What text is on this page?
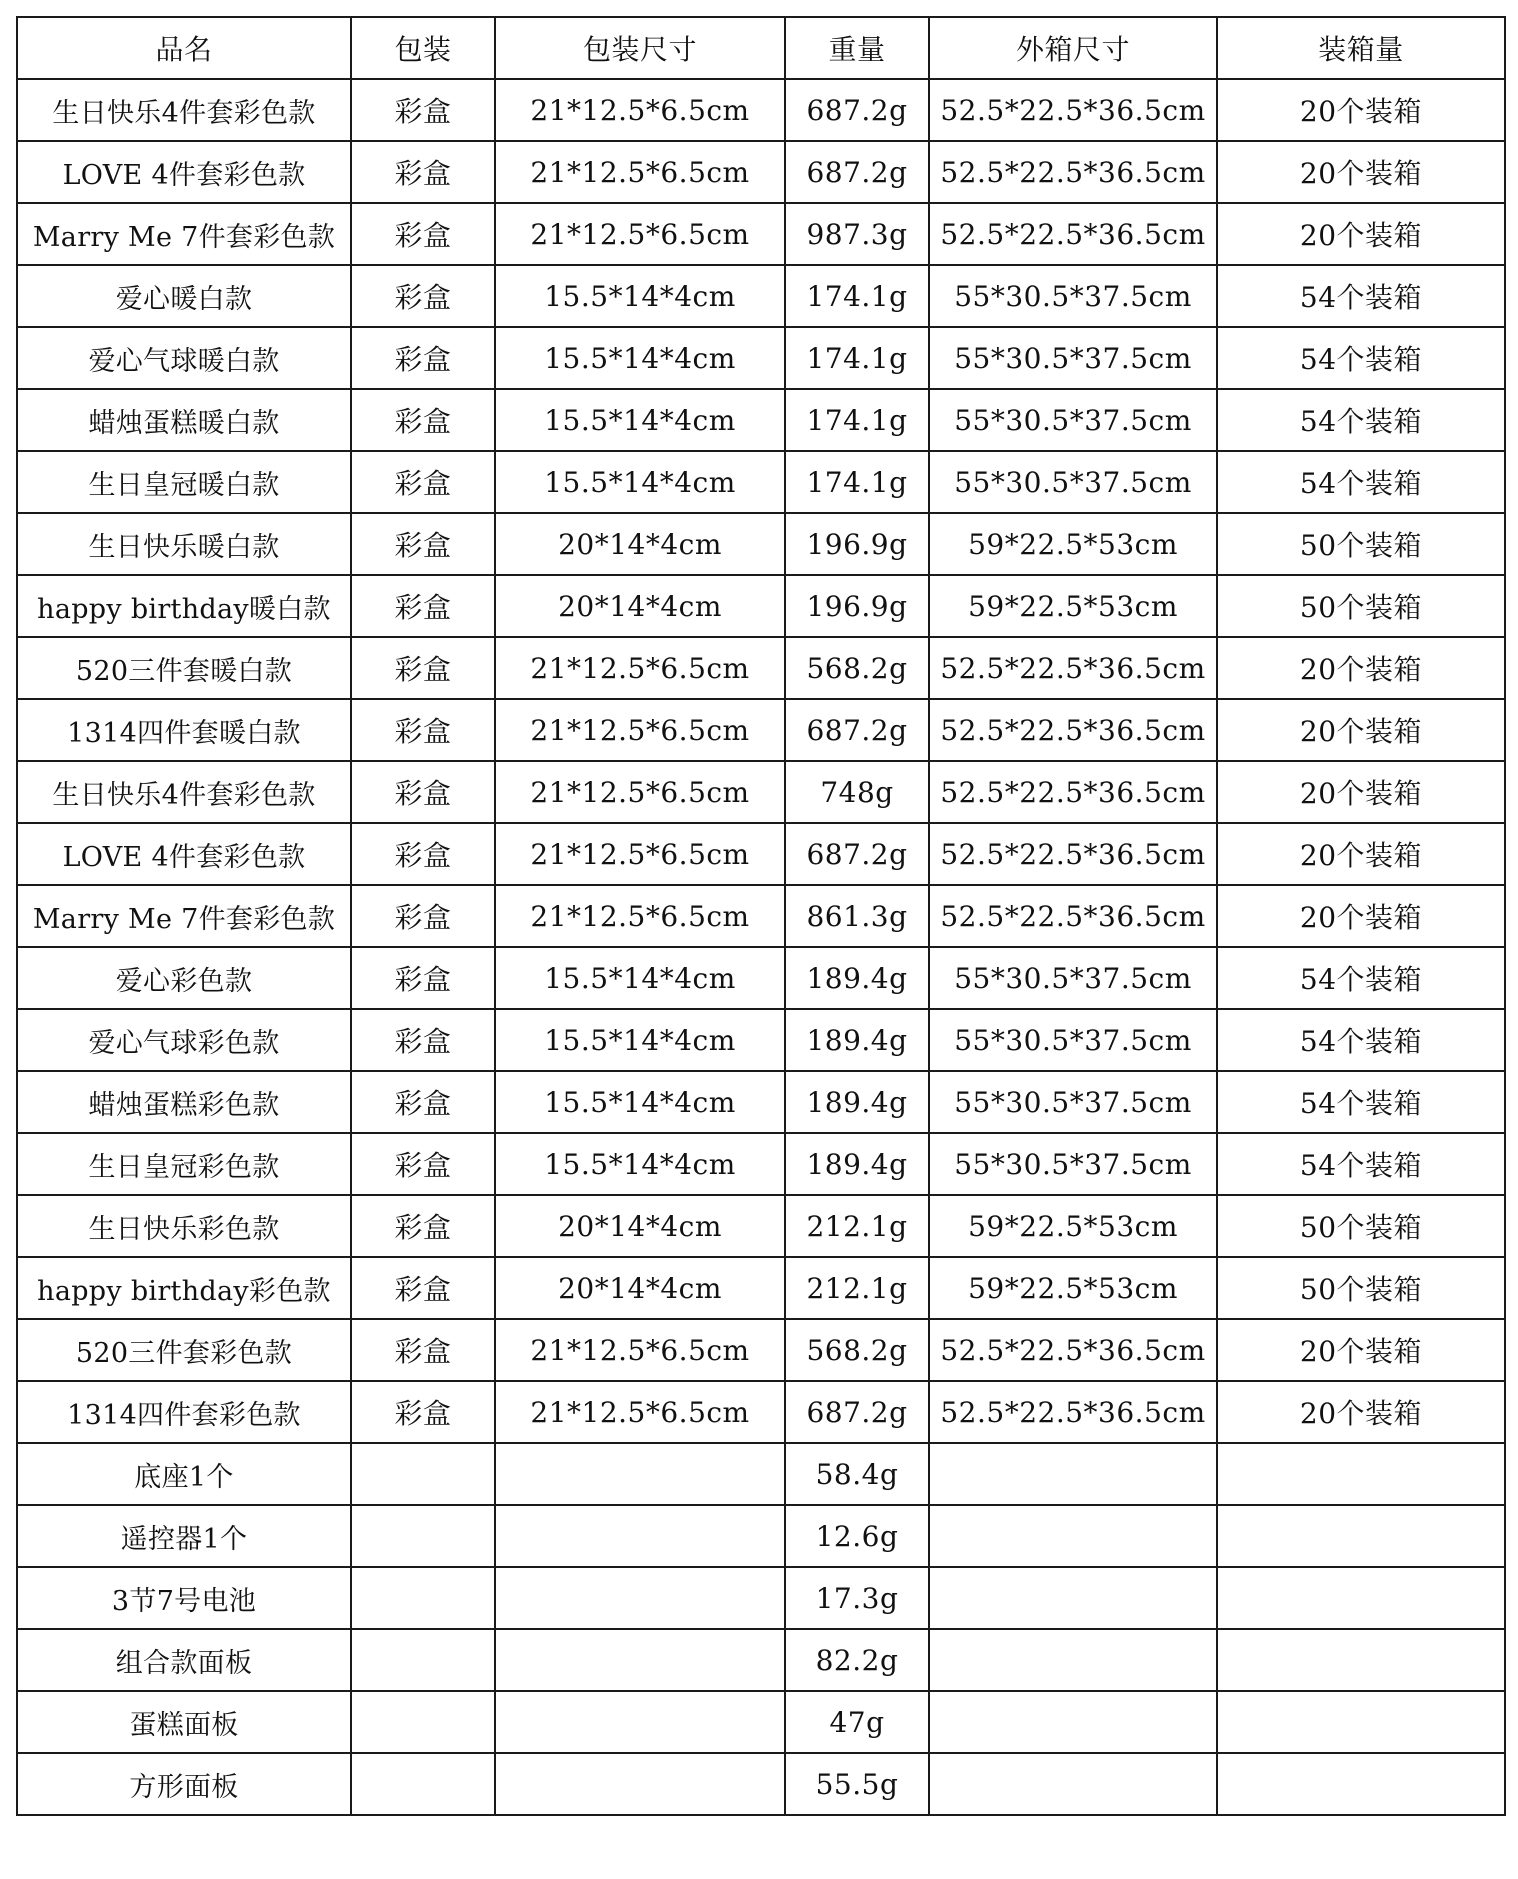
品名	包装	包装尺寸	重量	外箱尺寸	装箱量
生日快乐4件套彩色款	彩盒	21*12.5*6.5cm	687.2g	52.5*22.5*36.5cm	20个装箱
LOVE 4件套彩色款	彩盒	21*12.5*6.5cm	687.2g	52.5*22.5*36.5cm	20个装箱
Marry Me 7件套彩色款	彩盒	21*12.5*6.5cm	987.3g	52.5*22.5*36.5cm	20个装箱
爱心暖白款	彩盒	15.5*14*4cm	174.1g	55*30.5*37.5cm	54个装箱
爱心气球暖白款	彩盒	15.5*14*4cm	174.1g	55*30.5*37.5cm	54个装箱
蜡烛蛋糕暖白款	彩盒	15.5*14*4cm	174.1g	55*30.5*37.5cm	54个装箱
生日皇冠暖白款	彩盒	15.5*14*4cm	174.1g	55*30.5*37.5cm	54个装箱
生日快乐暖白款	彩盒	20*14*4cm	196.9g	59*22.5*53cm	50个装箱
happy birthday暖白款	彩盒	20*14*4cm	196.9g	59*22.5*53cm	50个装箱
520三件套暖白款	彩盒	21*12.5*6.5cm	568.2g	52.5*22.5*36.5cm	20个装箱
1314四件套暖白款	彩盒	21*12.5*6.5cm	687.2g	52.5*22.5*36.5cm	20个装箱
生日快乐4件套彩色款	彩盒	21*12.5*6.5cm	748g	52.5*22.5*36.5cm	20个装箱
LOVE 4件套彩色款	彩盒	21*12.5*6.5cm	687.2g	52.5*22.5*36.5cm	20个装箱
Marry Me 7件套彩色款	彩盒	21*12.5*6.5cm	861.3g	52.5*22.5*36.5cm	20个装箱
爱心彩色款	彩盒	15.5*14*4cm	189.4g	55*30.5*37.5cm	54个装箱
爱心气球彩色款	彩盒	15.5*14*4cm	189.4g	55*30.5*37.5cm	54个装箱
蜡烛蛋糕彩色款	彩盒	15.5*14*4cm	189.4g	55*30.5*37.5cm	54个装箱
生日皇冠彩色款	彩盒	15.5*14*4cm	189.4g	55*30.5*37.5cm	54个装箱
生日快乐彩色款	彩盒	20*14*4cm	212.1g	59*22.5*53cm	50个装箱
happy birthday彩色款	彩盒	20*14*4cm	212.1g	59*22.5*53cm	50个装箱
520三件套彩色款	彩盒	21*12.5*6.5cm	568.2g	52.5*22.5*36.5cm	20个装箱
1314四件套彩色款	彩盒	21*12.5*6.5cm	687.2g	52.5*22.5*36.5cm	20个装箱
底座1个			58.4g		
遥控器1个			12.6g		
3节7号电池			17.3g		
组合款面板			82.2g		
蛋糕面板			47g		
方形面板			55.5g		
